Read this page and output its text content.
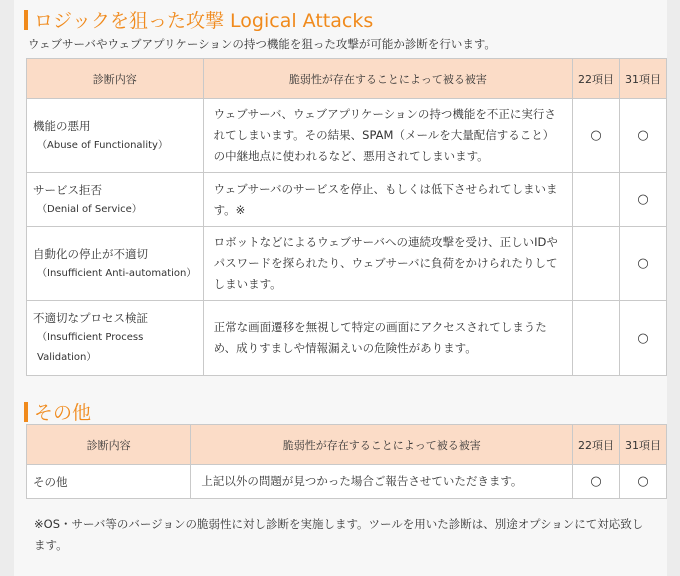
ロジックを狙った攻撃 Logical Attacks
ウェブサーバやウェブアプリケーションの持つ機能を狙った攻撃が可能か診断を行います。
診断内容	脆弱性が存在することによって被る被害	22項目	31項目

機能の悪用
（Abuse of Functionality）	ウェブサーバ、ウェブアプリケーションの持つ機能を不正に実行されてしまいます。その結果、SPAM（メールを大量配信すること）の中継地点に使われるなど、悪用されてしまいます。	○	○

サービス拒否
（Denial of Service）	ウェブサーバのサービスを停止、もしくは低下させられてしまいます。※		○

自動化の停止が不適切
（Insufficient Anti-automation）	ロボットなどによるウェブサーバへの連続攻撃を受け、正しいIDやパスワードを探られたり、ウェブサーバに負荷をかけられたりしてしまいます。		○

不適切なプロセス検証
（Insufficient Process Validation）	正常な画面遷移を無視して特定の画面にアクセスされてしまうため、成りすましや情報漏えいの危険性があります。		○
その他
診断内容	脆弱性が存在することによって被る被害	22項目	31項目

その他	上記以外の問題が見つかった場合ご報告させていただきます。	○	○
※OS・サーバ等のバージョンの脆弱性に対し診断を実施します。ツールを用いた診断は、別途オプションにて対応致します。
